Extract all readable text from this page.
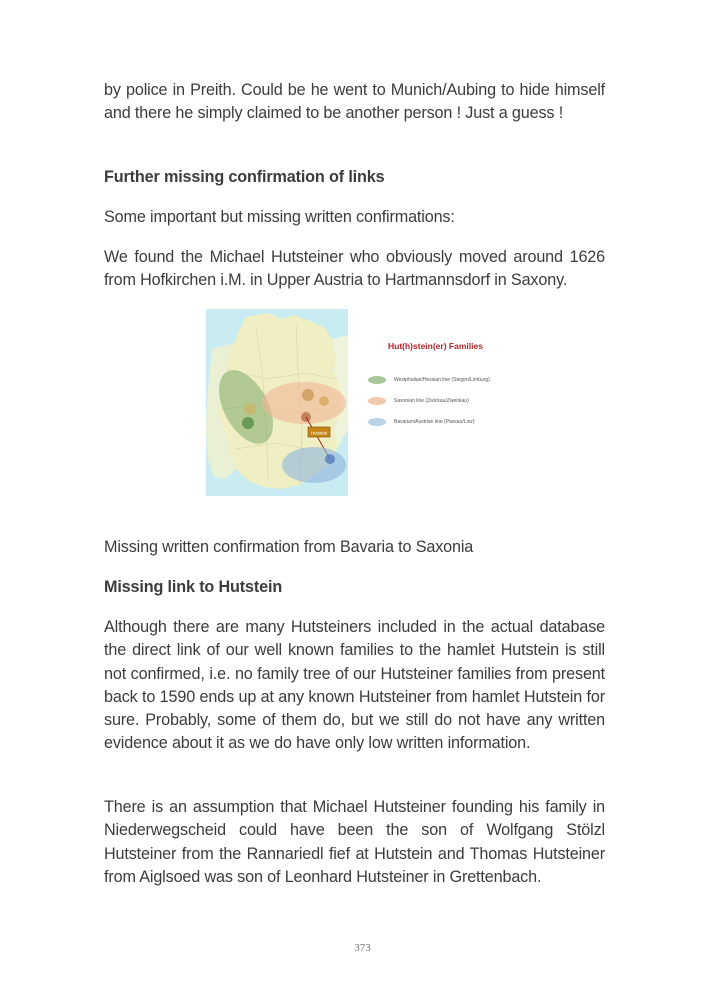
by police in Preith. Could be he went to Munich/Aubing to hide himself and there he simply claimed to be another person ! Just a guess !

Further missing confirmation of links

Some important but missing written confirmations:

We found the Michael Hutsteiner who obviously moved around 1626 from Hofkirchen i.M. in Upper Austria to Hartmannsdorf in Saxony.

Hutstein
Hut(h)stein(er) Families
Westphalian/Hessian line (Siegen/Limburg)
Saxonian line (Zwickau/Zwenkau)
Bavarian/Austrian line (Passau/Linz)

Missing written confirmation from Bavaria to Saxonia

Missing link to Hutstein

Although there are many Hutsteiners included in the actual database the direct link of our well known families to the hamlet Hutstein is still not confirmed, i.e. no family tree of our Hutsteiner families from present back to 1590 ends up at any known Hutsteiner from hamlet Hutstein for sure. Probably, some of them do, but we still do not have any written evidence about it as we do have only low written information.

There is an assumption that Michael Hutsteiner founding his family in Niederwegscheid could have been the son of Wolfgang Stölzl Hutsteiner from the Rannariedl fief at Hutstein and Thomas Hutsteiner from Aiglsoed was son of Leonhard Hutsteiner in Grettenbach.

373
